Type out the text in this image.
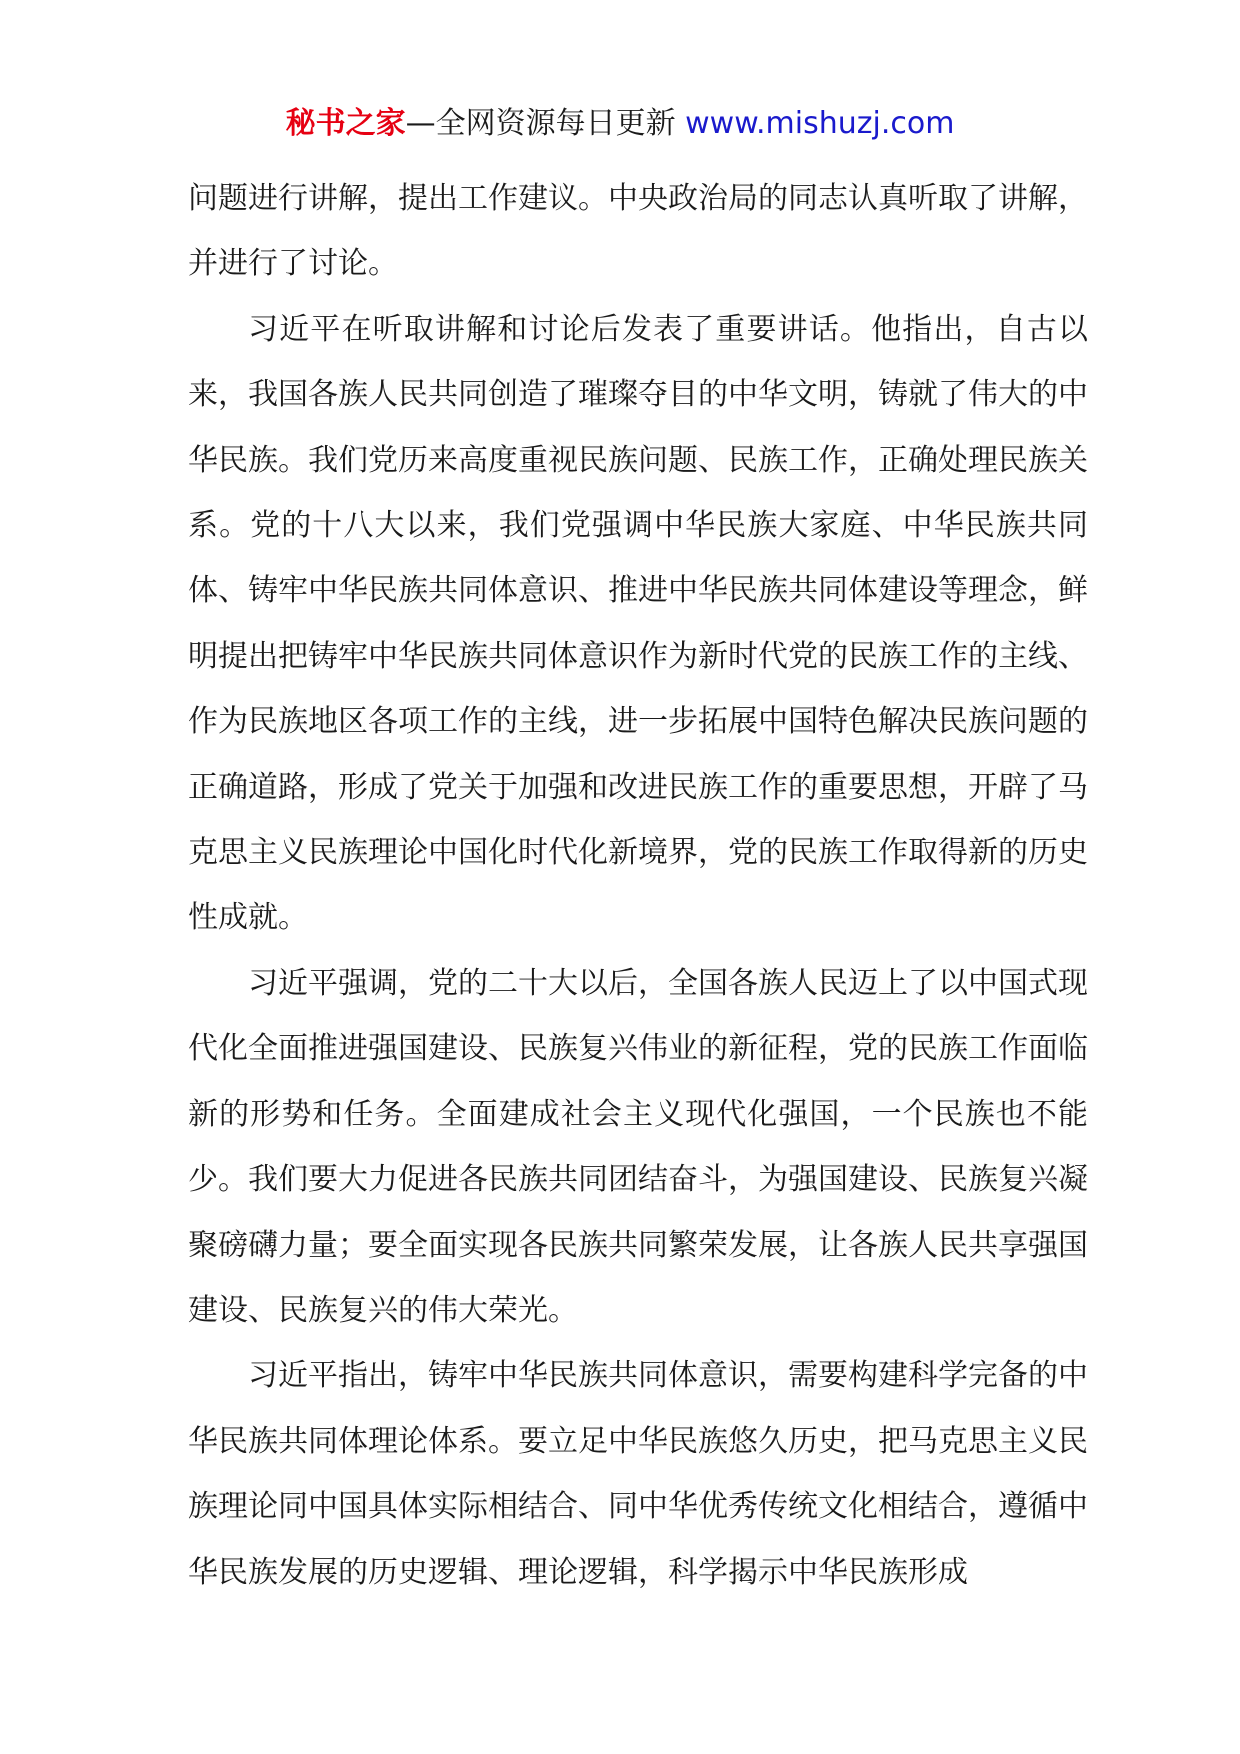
秘书之家—全网资源每日更新 www.mishuzj.com

问题进行讲解，提出工作建议。中央政治局的同志认真听取了讲解，并进行了讨论。

习近平在听取讲解和讨论后发表了重要讲话。他指出，自古以来，我国各族人民共同创造了璀璨夺目的中华文明，铸就了伟大的中华民族。我们党历来高度重视民族问题、民族工作，正确处理民族关系。党的十八大以来，我们党强调中华民族大家庭、中华民族共同体、铸牢中华民族共同体意识、推进中华民族共同体建设等理念，鲜明提出把铸牢中华民族共同体意识作为新时代党的民族工作的主线、作为民族地区各项工作的主线，进一步拓展中国特色解决民族问题的正确道路，形成了党关于加强和改进民族工作的重要思想，开辟了马克思主义民族理论中国化时代化新境界，党的民族工作取得新的历史性成就。

习近平强调，党的二十大以后，全国各族人民迈上了以中国式现代化全面推进强国建设、民族复兴伟业的新征程，党的民族工作面临新的形势和任务。全面建成社会主义现代化强国，一个民族也不能少。我们要大力促进各民族共同团结奋斗，为强国建设、民族复兴凝聚磅礴力量；要全面实现各民族共同繁荣发展，让各族人民共享强国建设、民族复兴的伟大荣光。

习近平指出，铸牢中华民族共同体意识，需要构建科学完备的中华民族共同体理论体系。要立足中华民族悠久历史，把马克思主义民族理论同中国具体实际相结合、同中华优秀传统文化相结合，遵循中华民族发展的历史逻辑、理论逻辑，科学揭示中华民族形成
